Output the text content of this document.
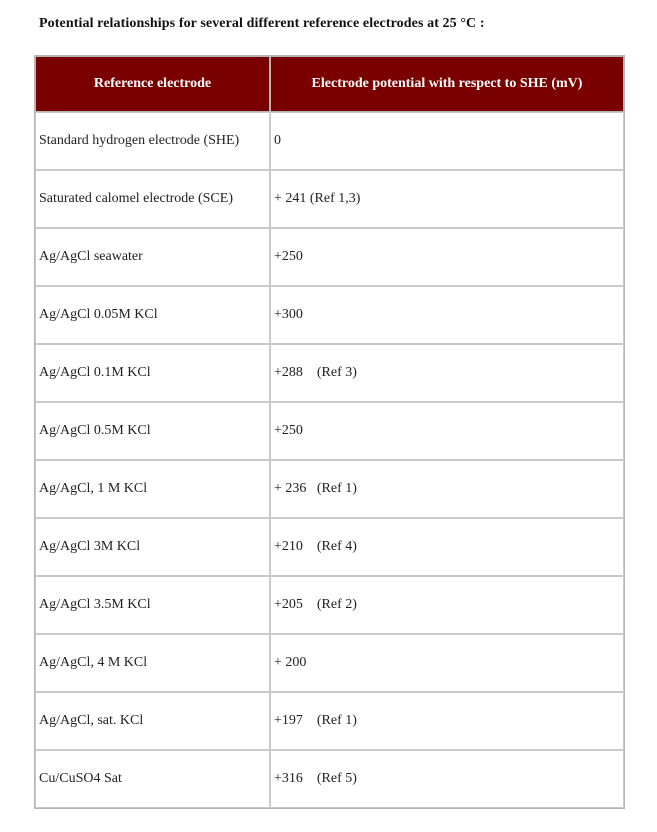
Potential relationships for several different reference electrodes at 25 °C :
Reference electrode	Electrode potential with respect to SHE (mV)
Standard hydrogen electrode (SHE)	0
Saturated calomel electrode (SCE)	+ 241 (Ref 1,3)
Ag/AgCl seawater	+250
Ag/AgCl 0.05M KCl	+300
Ag/AgCl 0.1M KCl	+288    (Ref 3)
Ag/AgCl 0.5M KCl	+250
Ag/AgCl, 1 M KCl	+ 236   (Ref 1)
Ag/AgCl 3M KCl	+210    (Ref 4)
Ag/AgCl 3.5M KCl	+205    (Ref 2)
Ag/AgCl, 4 M KCl	+ 200
Ag/AgCl, sat. KCl	+197    (Ref 1)
Cu/CuSO4 Sat	+316    (Ref 5)
